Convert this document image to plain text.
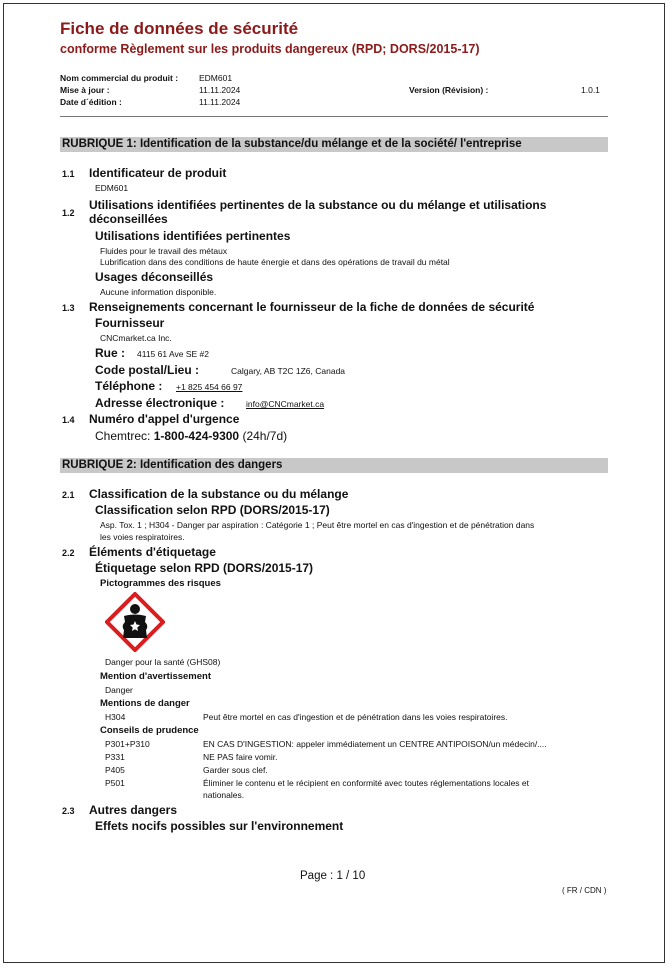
Fiche de données de sécurité
conforme Règlement sur les produits dangereux (RPD; DORS/2015-17)
Nom commercial du produit : EDM601
Mise à jour :	11.11.2024	Version (Révision) :	1.0.1
Date d´édition :	11.11.2024
RUBRIQUE 1: Identification de la substance/du mélange et de la société/ l'entreprise
1.1 Identificateur de produit
EDM601
1.2
Utilisations identifiées pertinentes de la substance ou du mélange et utilisations
déconseillées
Utilisations identifiées pertinentes
Fluides pour le travail des métaux
Lubrification dans des conditions de haute énergie et dans des opérations de travail du métal
Usages déconseillés
Aucune information disponible.
1.3 Renseignements concernant le fournisseur de la fiche de données de sécurité
Fournisseur
CNCmarket.ca Inc.
Rue : 4115 61 Ave SE #2
Code postal/Lieu :	Calgary, AB T2C 1Z6, Canada
Téléphone : +1 825 454 66 97
Adresse électronique :	info@CNCmarket.ca
1.4 Numéro d'appel d'urgence
Chemtrec: 1-800-424-9300 (24h/7d)
RUBRIQUE 2: Identification des dangers
2.1 Classification de la substance ou du mélange
Classification selon RPD (DORS/2015-17)
Asp. Tox. 1 ; H304 - Danger par aspiration : Catégorie 1 ; Peut être mortel en cas d'ingestion et de pénétration dans
les voies respiratoires.
2.2 Éléments d'étiquetage
Étiquetage selon RPD (DORS/2015-17)
Pictogrammes des risques
Danger pour la santé (GHS08)
Mention d'avertissement
Danger
Mentions de danger
H304	Peut être mortel en cas d'ingestion et de pénétration dans les voies respiratoires.
Conseils de prudence
P301+P310	EN CAS D'INGESTION: appeler immédiatement un CENTRE ANTIPOISON/un médecin/....
P331	NE PAS faire vomir.
P405	Garder sous clef.
P501	Éliminer le contenu et le récipient en conformité avec toutes réglementations locales et
nationales.
2.3 Autres dangers
Effets nocifs possibles sur l'environnement
Page : 1 / 10
( FR / CDN )
